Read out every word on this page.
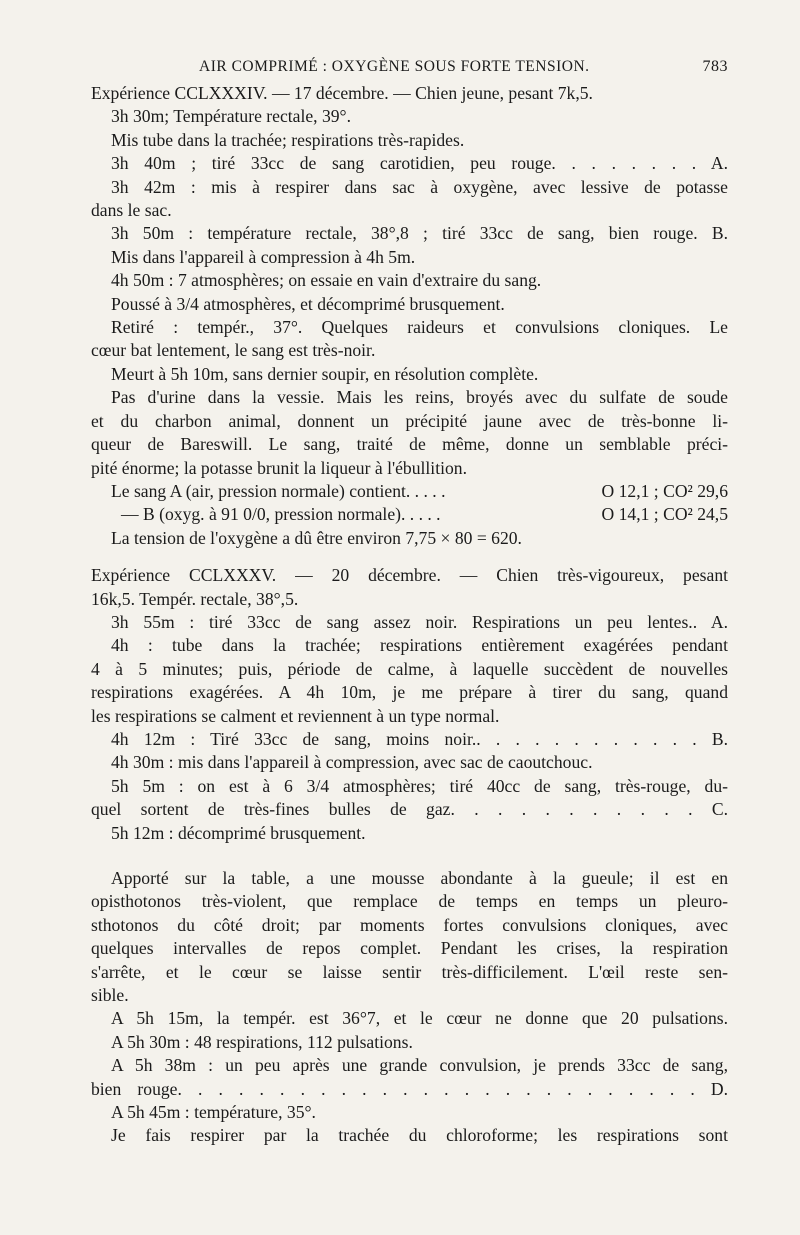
AIR COMPRIMÉ : OXYGÈNE SOUS FORTE TENSION.	783
Expérience CCLXXXIV. — 17 décembre. — Chien jeune, pesant 7k,5.
3h 30m; Température rectale, 39°.
Mis tube dans la trachée; respirations très-rapides.
3h 40m ; tiré 33cc de sang carotidien, peu rouge. . . . . . . . A.
3h 42m : mis à respirer dans sac à oxygène, avec lessive de potasse
dans le sac.
3h 50m : température rectale, 38°,8 ; tiré 33cc de sang, bien rouge. B.
Mis dans l'appareil à compression à 4h 5m.
4h 50m : 7 atmosphères; on essaie en vain d'extraire du sang.
Poussé à 3/4 atmosphères, et décomprimé brusquement.
Retiré : tempér., 37°. Quelques raideurs et convulsions cloniques. Le
cœur bat lentement, le sang est très-noir.
Meurt à 5h 10m, sans dernier soupir, en résolution complète.
Pas d'urine dans la vessie. Mais les reins, broyés avec du sulfate de soude
et du charbon animal, donnent un précipité jaune avec de très-bonne li-
queur de Bareswill. Le sang, traité de même, donne un semblable préci-
pité énorme; la potasse brunit la liqueur à l'ébullition.
Le sang A (air, pression normale) contient. . . . .	O 12,1 ; CO² 29,6
— B (oxyg. à 91 0/0, pression normale). . . . .	O 14,1 ; CO² 24,5
La tension de l'oxygène a dû être environ 7,75 × 80 = 620.
Expérience CCLXXXV. — 20 décembre. — Chien très-vigoureux, pesant
16k,5. Tempér. rectale, 38°,5.
3h 55m : tiré 33cc de sang assez noir. Respirations un peu lentes.. A.
4h : tube dans la trachée; respirations entièrement exagérées pendant
4 à 5 minutes; puis, période de calme, à laquelle succèdent de nouvelles
respirations exagérées. A 4h 10m, je me prépare à tirer du sang, quand
les respirations se calment et reviennent à un type normal.
4h 12m : Tiré 33cc de sang, moins noir.. . . . . . . . . . . . B.
4h 30m : mis dans l'appareil à compression, avec sac de caoutchouc.
5h 5m : on est à 6 3/4 atmosphères; tiré 40cc de sang, très-rouge, du-
quel sortent de très-fines bulles de gaz. . . . . . . . . . . C.
5h 12m : décomprimé brusquement.
Apporté sur la table, a une mousse abondante à la gueule; il est en
opisthotonos très-violent, que remplace de temps en temps un pleuro-
sthotonos du côté droit; par moments fortes convulsions cloniques, avec
quelques intervalles de repos complet. Pendant les crises, la respiration
s'arrête, et le cœur se laisse sentir très-difficilement. L'œil reste sen-
sible.
A 5h 15m, la tempér. est 36°7, et le cœur ne donne que 20 pulsations.
A 5h 30m : 48 respirations, 112 pulsations.
A 5h 38m : un peu après une grande convulsion, je prends 33cc de sang,
bien rouge. . . . . . . . . . . . . . . . . . . . . . . . . . D.
A 5h 45m : température, 35°.
Je fais respirer par la trachée du chloroforme; les respirations sont
